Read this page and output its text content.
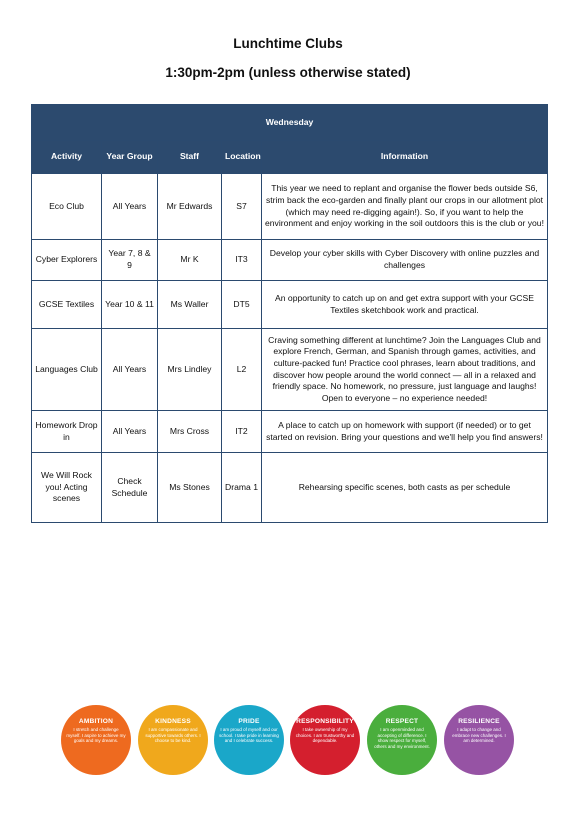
Lunchtime Clubs
1:30pm-2pm (unless otherwise stated)
Wednesday				
Activity	Year Group	Staff	Location	Information
Eco Club	All Years	Mr Edwards	S7	This year we need to replant and organise the flower beds outside S6, strim back the eco-garden and finally plant our crops in our allotment plot (which may need re-digging again!). So, if you want to help the environment and enjoy working in the soil outdoors this is the club or you!
Cyber Explorers	Year 7, 8 & 9	Mr K	IT3	Develop your cyber skills with Cyber Discovery with online puzzles and challenges
GCSE Textiles	Year 10 & 11	Ms Waller	DT5	An opportunity to catch up on and get extra support with your GCSE Textiles sketchbook work and practical.
Languages Club	All Years	Mrs Lindley	L2	Craving something different at lunchtime? Join the Languages Club and explore French, German, and Spanish through games, activities, and culture-packed fun! Practice cool phrases, learn about traditions, and discover how people around the world connect — all in a relaxed and friendly space. No homework, no pressure, just language and laughs! Open to everyone – no experience needed!
Homework Drop in	All Years	Mrs Cross	IT2	A place to catch up on homework with support (if needed) or to get started on revision. Bring your questions and we'll help you find answers!
We Will Rock you! Acting scenes	Check Schedule	Ms Stones	Drama 1	Rehearsing specific scenes, both casts as per schedule
AMBITION
I stretch and challenge myself. I aspire to achieve my goals and my dreams.
KINDNESS
I am compassionate and supportive towards others. I choose to be kind.
PRIDE
I am proud of myself and our school. I take pride in learning and I celebrate success.
RESPONSIBILITY
I take ownership of my choices. I am trustworthy and dependable.
RESPECT
I am openminded and accepting of difference. I show respect for myself, others and my environment.
RESILIENCE
I adapt to change and embrace new challenges. I am determined.
